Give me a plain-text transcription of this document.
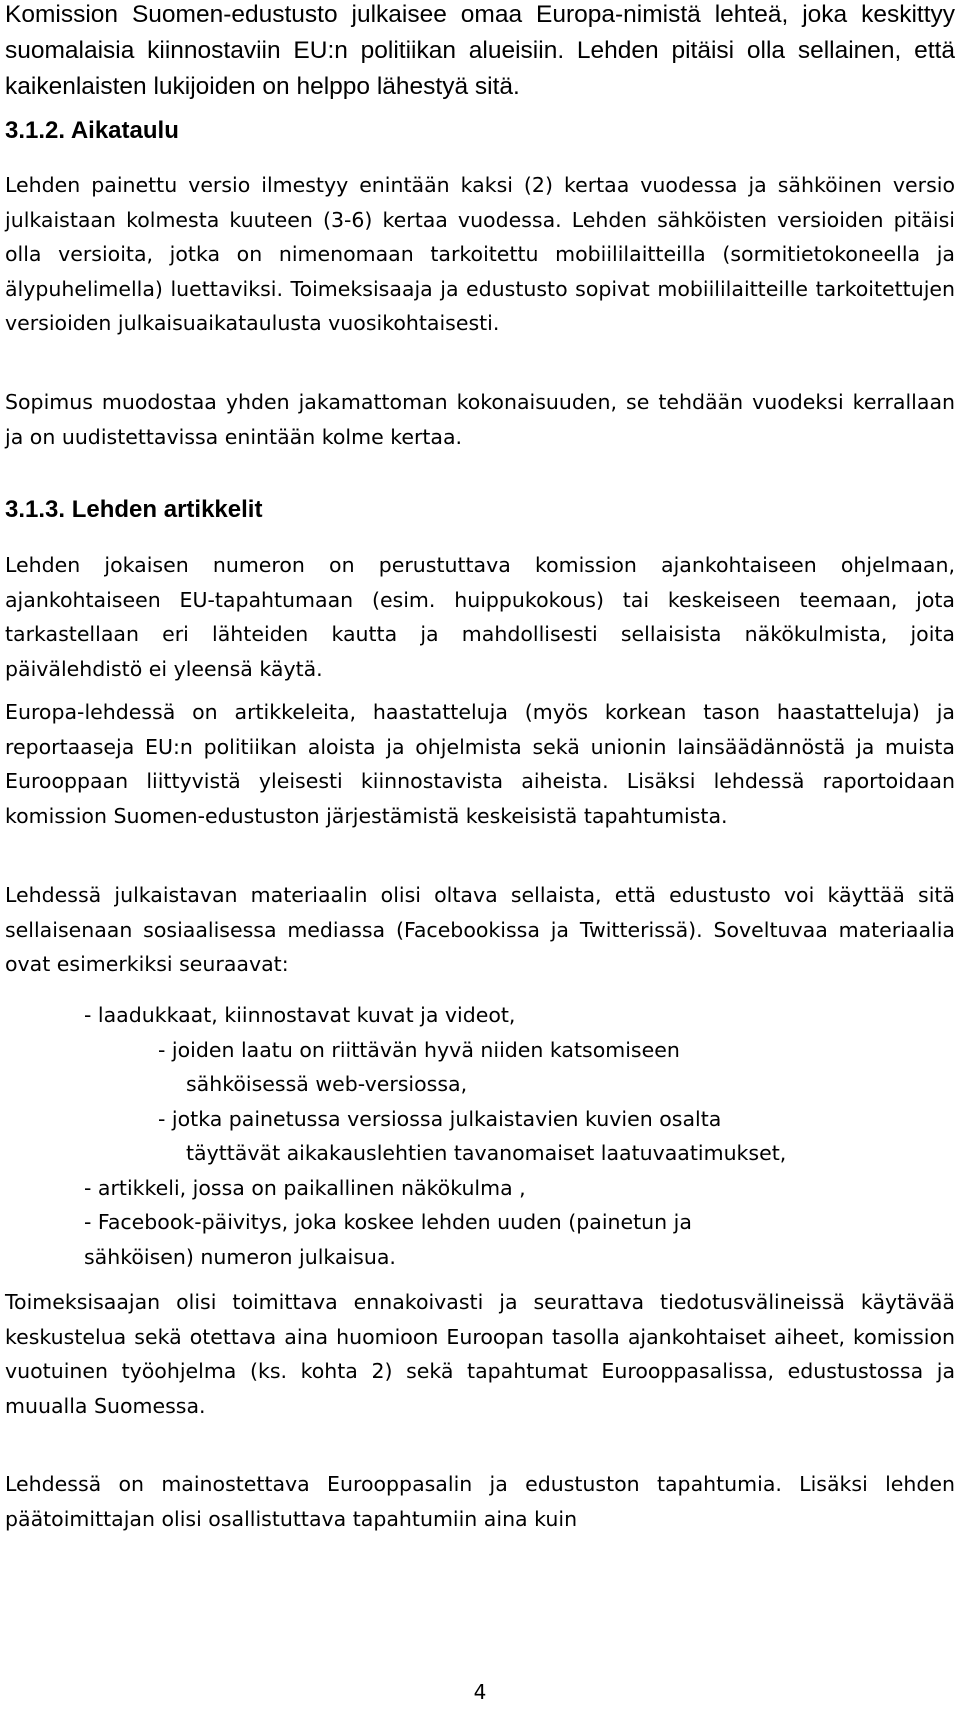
Komission Suomen-edustusto julkaisee omaa Europa-nimistä lehteä, joka keskittyy suomalaisia kiinnostaviin EU:n politiikan alueisiin. Lehden pitäisi olla sellainen, että kaikenlaisten lukijoiden on helppo lähestyä sitä.

3.1.2. Aikataulu

Lehden painettu versio ilmestyy enintään kaksi (2) kertaa vuodessa ja sähköinen versio julkaistaan kolmesta kuuteen (3-6) kertaa vuodessa. Lehden sähköisten versioiden pitäisi olla versioita, jotka on nimenomaan tarkoitettu mobiililaitteilla (sormitietokoneella ja älypuhelimella) luettaviksi. Toimeksisaaja ja edustusto sopivat mobiililaitteille tarkoitettujen versioiden julkaisuaikataulusta vuosikohtaisesti.

Sopimus muodostaa yhden jakamattoman kokonaisuuden, se tehdään vuodeksi kerrallaan ja on uudistettavissa enintään kolme kertaa.

3.1.3. Lehden artikkelit

Lehden jokaisen numeron on perustuttava komission ajankohtaiseen ohjelmaan, ajankohtaiseen EU-tapahtumaan (esim. huippukokous) tai keskeiseen teemaan, jota tarkastellaan eri lähteiden kautta ja mahdollisesti sellaisista näkökulmista, joita päivälehdistö ei yleensä käytä.

Europa-lehdessä on artikkeleita, haastatteluja (myös korkean tason haastatteluja) ja reportaaseja EU:n politiikan aloista ja ohjelmista sekä unionin lainsäädännöstä ja muista Eurooppaan liittyvistä yleisesti kiinnostavista aiheista. Lisäksi lehdessä raportoidaan komission Suomen-edustuston järjestämistä keskeisistä tapahtumista.

Lehdessä julkaistavan materiaalin olisi oltava sellaista, että edustusto voi käyttää sitä sellaisenaan sosiaalisessa mediassa (Facebookissa ja Twitterissä). Soveltuvaa materiaalia ovat esimerkiksi seuraavat:

- laadukkaat, kiinnostavat kuvat ja videot,
- joiden laatu on riittävän hyvä niiden katsomiseen
sähköisessä web-versiossa,
- jotka painetussa versiossa julkaistavien kuvien osalta
täyttävät aikakauslehtien tavanomaiset laatuvaatimukset,
- artikkeli, jossa on paikallinen näkökulma ,
- Facebook-päivitys, joka koskee lehden uuden (painetun ja
sähköisen) numeron julkaisua.

Toimeksisaajan olisi toimittava ennakoivasti ja seurattava tiedotusvälineissä käytävää keskustelua sekä otettava aina huomioon Euroopan tasolla ajankohtaiset aiheet, komission vuotuinen työohjelma (ks. kohta 2) sekä tapahtumat Eurooppasalissa, edustustossa ja muualla Suomessa.

Lehdessä on mainostettava Eurooppasalin ja edustuston tapahtumia. Lisäksi lehden päätoimittajan olisi osallistuttava tapahtumiin aina kuin

4
